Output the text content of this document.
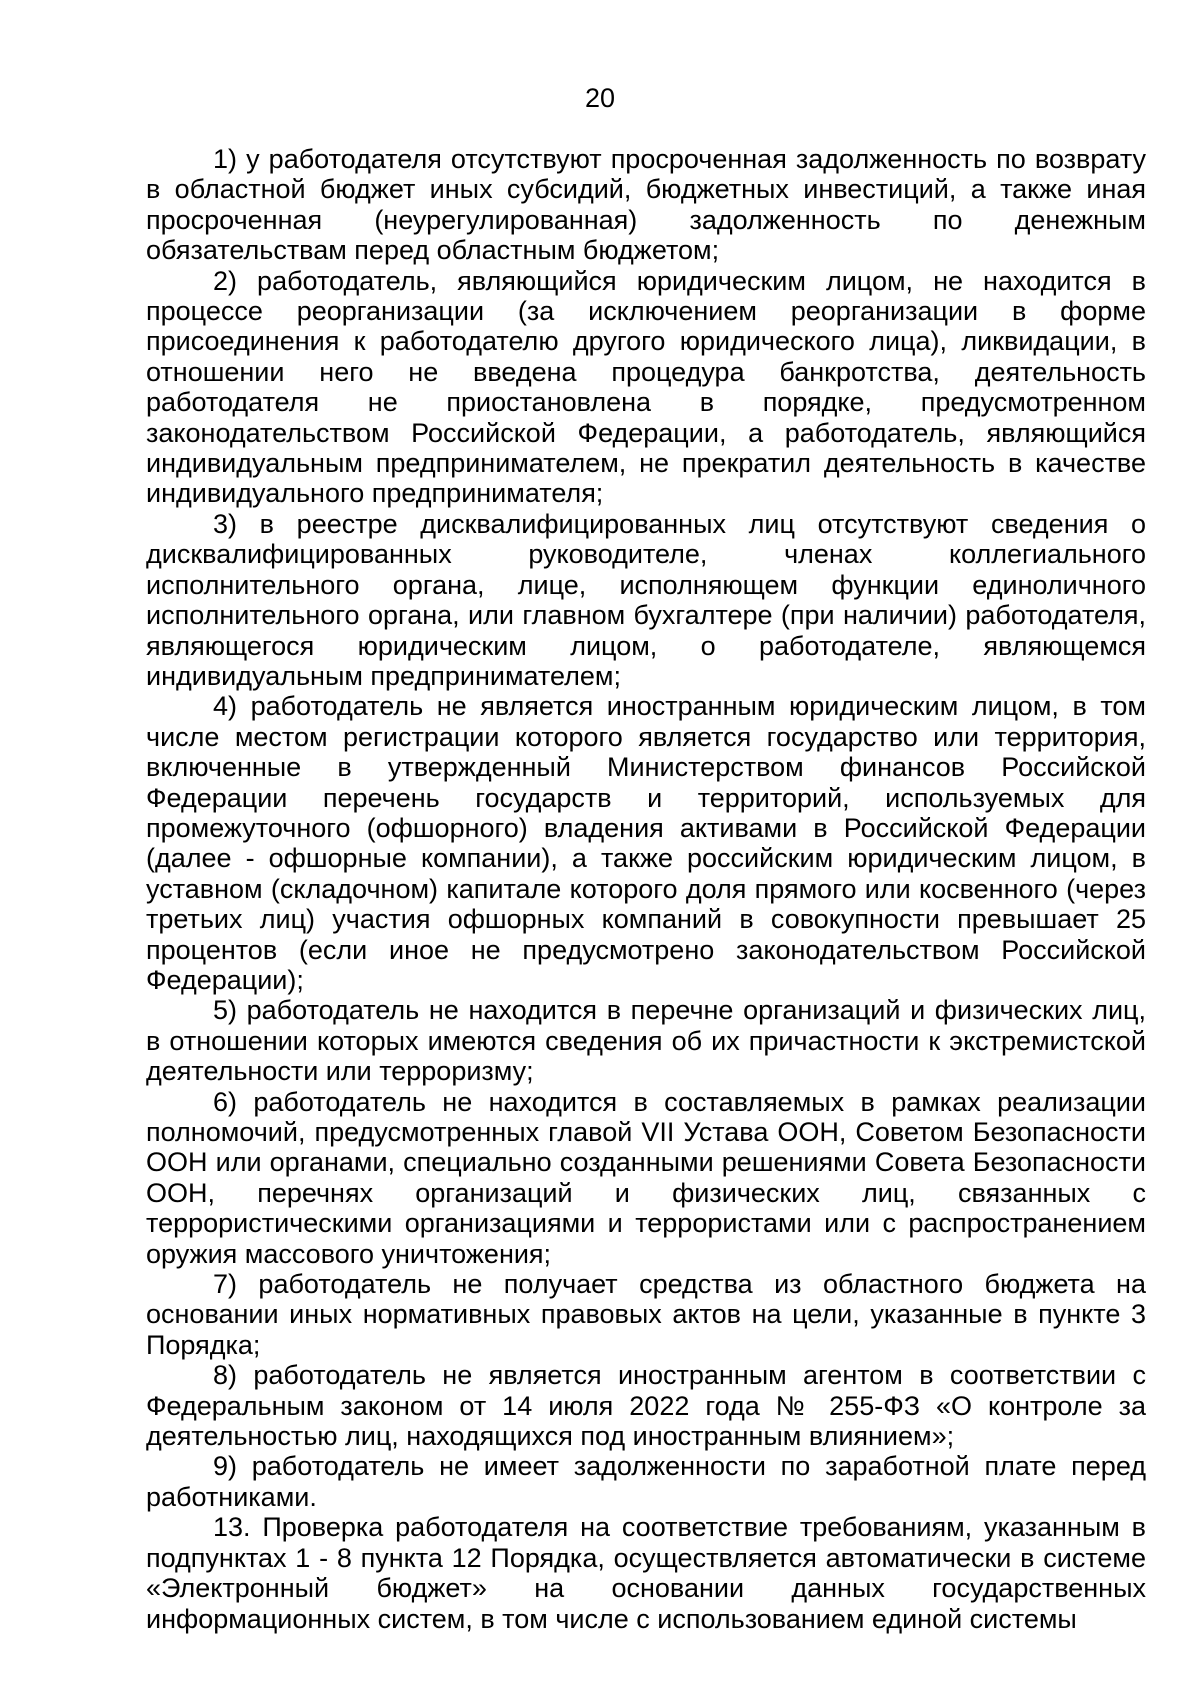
20

1) у работодателя отсутствуют просроченная задолженность по возврату в областной бюджет иных субсидий, бюджетных инвестиций, а также иная просроченная (неурегулированная) задолженность по денежным обязательствам перед областным бюджетом;

2) работодатель, являющийся юридическим лицом, не находится в процессе реорганизации (за исключением реорганизации в форме присоединения к работодателю другого юридического лица), ликвидации, в отношении него не введена процедура банкротства, деятельность работодателя не приостановлена в порядке, предусмотренном законодательством Российской Федерации, а работодатель, являющийся индивидуальным предпринимателем, не прекратил деятельность в качестве индивидуального предпринимателя;

3) в реестре дисквалифицированных лиц отсутствуют сведения о дисквалифицированных руководителе, членах коллегиального исполнительного органа, лице, исполняющем функции единоличного исполнительного органа, или главном бухгалтере (при наличии) работодателя, являющегося юридическим лицом, о работодателе, являющемся индивидуальным предпринимателем;

4) работодатель не является иностранным юридическим лицом, в том числе местом регистрации которого является государство или территория, включенные в утвержденный Министерством финансов Российской Федерации перечень государств и территорий, используемых для промежуточного (офшорного) владения активами в Российской Федерации (далее - офшорные компании), а также российским юридическим лицом, в уставном (складочном) капитале которого доля прямого или косвенного (через третьих лиц) участия офшорных компаний в совокупности превышает 25 процентов (если иное не предусмотрено законодательством Российской Федерации);

5) работодатель не находится в перечне организаций и физических лиц, в отношении которых имеются сведения об их причастности к экстремистской деятельности или терроризму;

6) работодатель не находится в составляемых в рамках реализации полномочий, предусмотренных главой VII Устава ООН, Советом Безопасности ООН или органами, специально созданными решениями Совета Безопасности ООН, перечнях организаций и физических лиц, связанных с террористическими организациями и террористами или с распространением оружия массового уничтожения;

7) работодатель не получает средства из областного бюджета на основании иных нормативных правовых актов на цели, указанные в пункте 3 Порядка;

8) работодатель не является иностранным агентом в соответствии с Федеральным законом от 14 июля 2022 года № 255-ФЗ «О контроле за деятельностью лиц, находящихся под иностранным влиянием»;

9) работодатель не имеет задолженности по заработной плате перед работниками.

13. Проверка работодателя на соответствие требованиям, указанным в подпунктах 1 - 8 пункта 12 Порядка, осуществляется автоматически в системе «Электронный бюджет» на основании данных государственных информационных систем, в том числе с использованием единой системы
